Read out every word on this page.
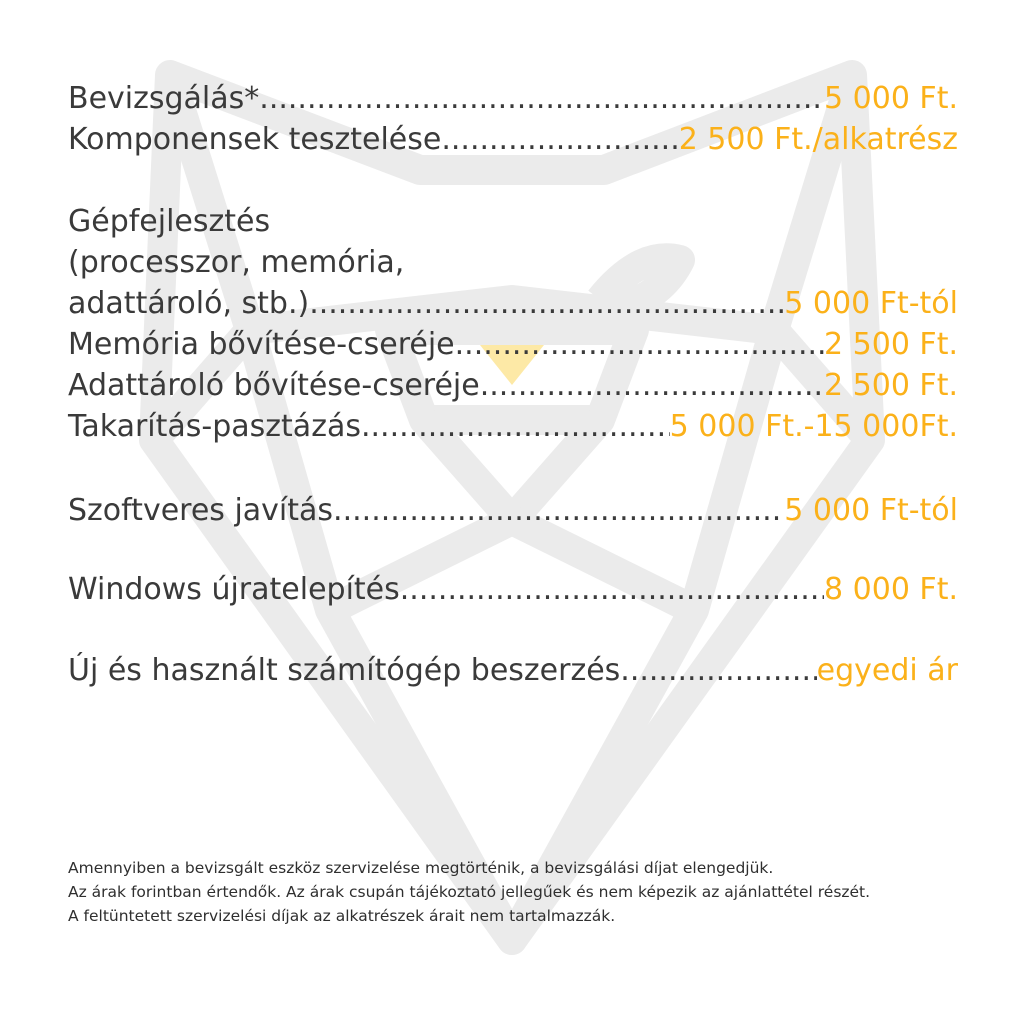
Bevizsgálás* .....	5 000 Ft.
Komponensek tesztelése .....	2 500 Ft./alkatrész
Gépfejlesztés
(processzor, memória,
adattároló, stb.) .....	5 000 Ft-tól
Memória bővítése-cseréje .....	2 500 Ft.
Adattároló bővítése-cseréje .....	2 500 Ft.
Takarítás-pasztázás .....	5 000 Ft.-15 000Ft.
Szoftveres javítás .....	5 000 Ft-tól
Windows újratelepítés .....	8 000 Ft.
Új és használt számítógép beszerzés .....	egyedi ár
Amennyiben a bevizsgált eszköz szervizelése megtörténik, a bevizsgálási díjat elengedjük.
Az árak forintban értendők. Az árak csupán tájékoztató jellegűek és nem képezik az ajánlattétel részét.
A feltüntetett szervizelési díjak az alkatrészek árait nem tartalmazzák.
